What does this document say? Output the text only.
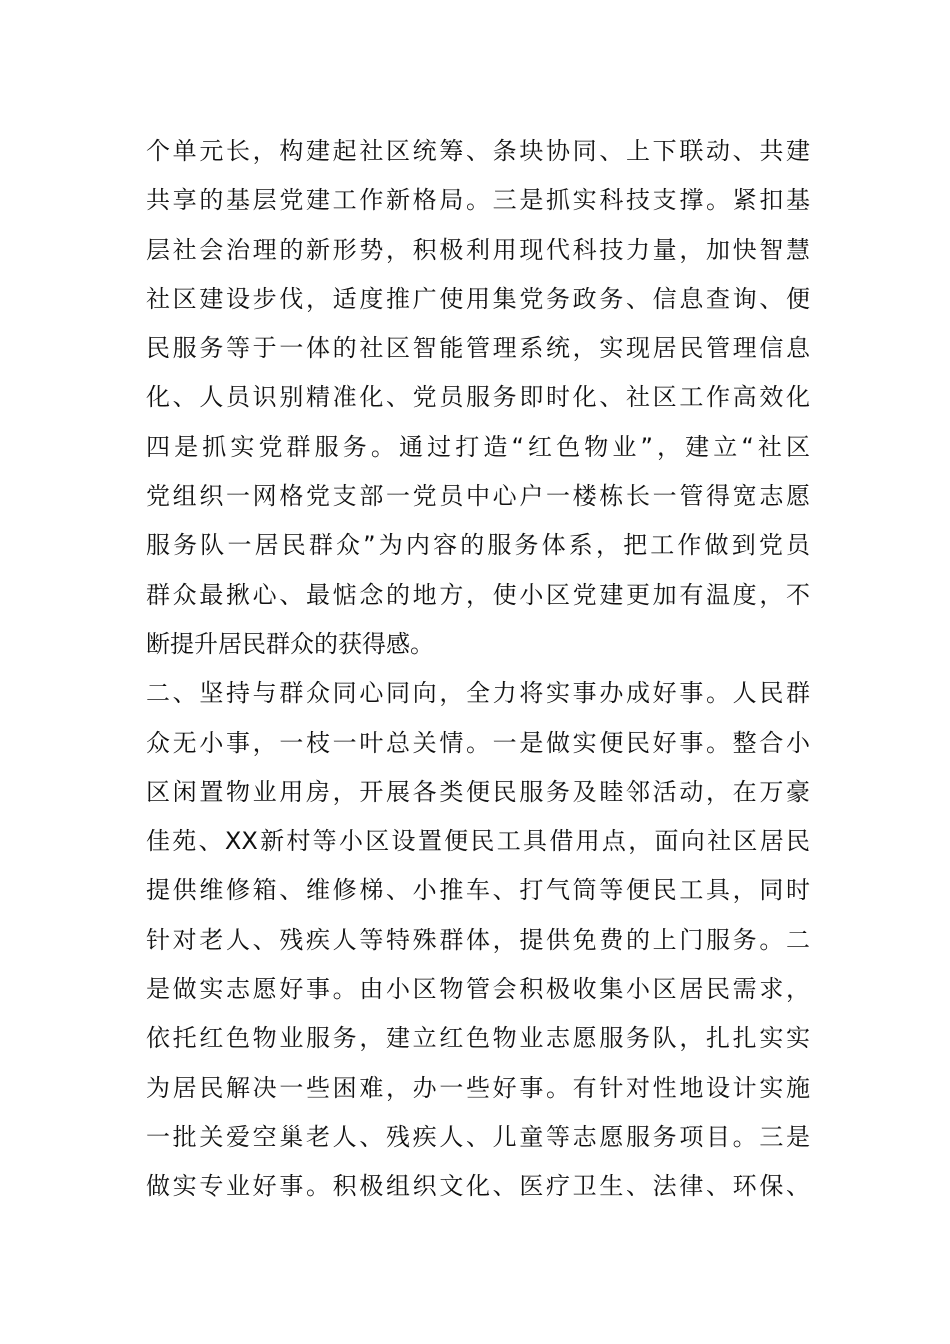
个单元长，构建起社区统筹、条块协同、上下联动、共建
共享的基层党建工作新格局。三是抓实科技支撑。紧扣基
层社会治理的新形势，积极利用现代科技力量，加快智慧
社区建设步伐，适度推广使用集党务政务、信息查询、便
民服务等于一体的社区智能管理系统，实现居民管理信息
化、人员识别精准化、党员服务即时化、社区工作高效化
四是抓实党群服务。通过打造“红色物业”，建立“社区
党组织一网格党支部一党员中心户一楼栋长一管得宽志愿
服务队一居民群众”为内容的服务体系，把工作做到党员
群众最揪心、最惦念的地方，使小区党建更加有温度，不
断提升居民群众的获得感。
二、坚持与群众同心同向，全力将实事办成好事。人民群
众无小事，一枝一叶总关情。一是做实便民好事。整合小
区闲置物业用房，开展各类便民服务及睦邻活动，在万豪
佳苑、XX新村等小区设置便民工具借用点，面向社区居民
提供维修箱、维修梯、小推车、打气筒等便民工具，同时
针对老人、残疾人等特殊群体，提供免费的上门服务。二
是做实志愿好事。由小区物管会积极收集小区居民需求，
依托红色物业服务，建立红色物业志愿服务队，扎扎实实
为居民解决一些困难，办一些好事。有针对性地设计实施
一批关爱空巢老人、残疾人、儿童等志愿服务项目。三是
做实专业好事。积极组织文化、医疗卫生、法律、环保、
